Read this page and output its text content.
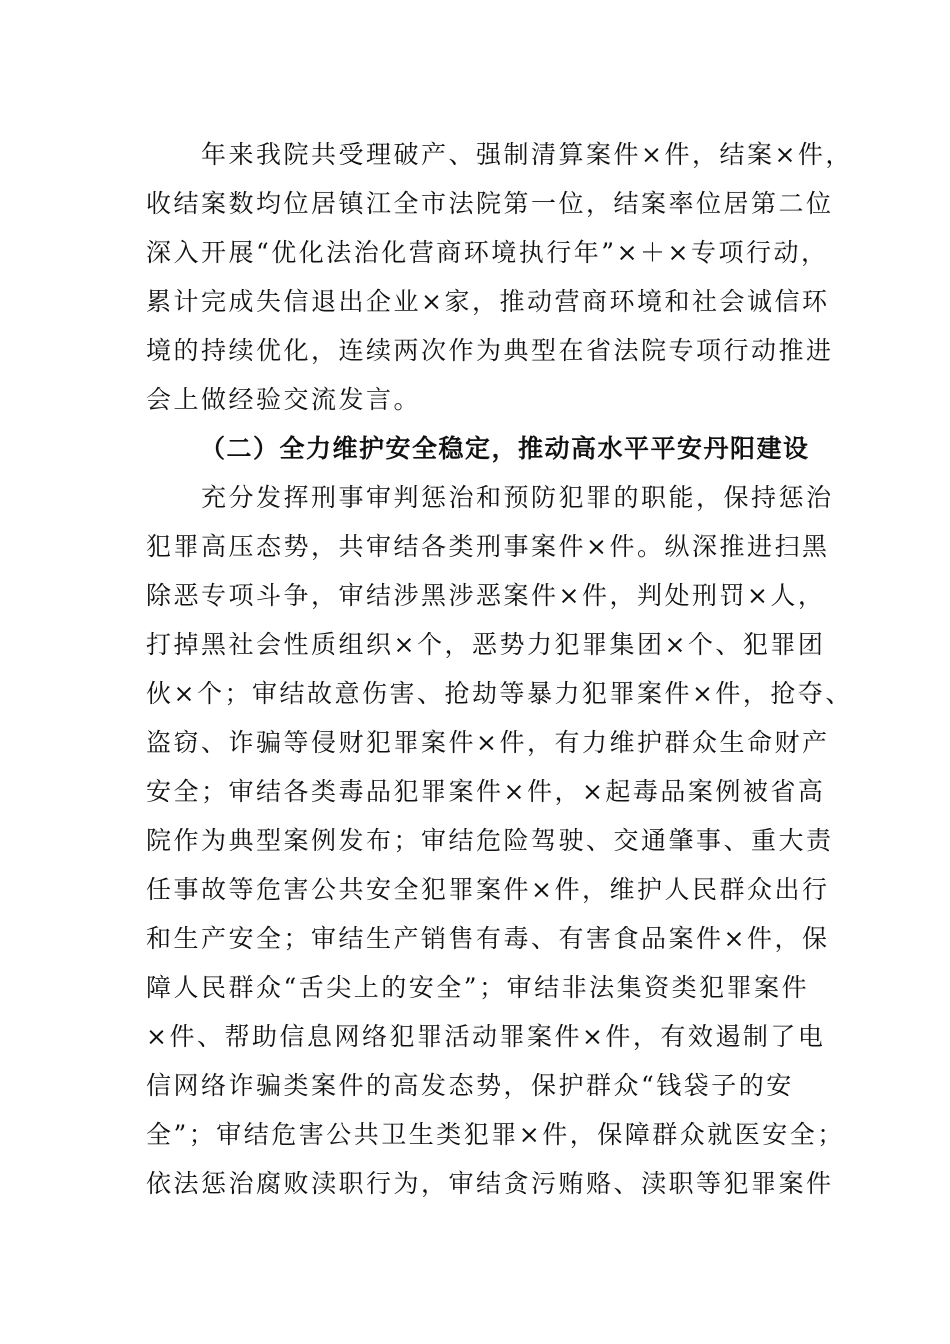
　　年来我院共受理破产、强制清算案件×件，结案×件，
收结案数均位居镇江全市法院第一位，结案率位居第二位
深入开展“优化法治化营商环境执行年”×＋×专项行动，
累计完成失信退出企业×家，推动营商环境和社会诚信环
境的持续优化，连续两次作为典型在省法院专项行动推进
会上做经验交流发言。
（二）全力维护安全稳定，推动高水平平安丹阳建设
　　充分发挥刑事审判惩治和预防犯罪的职能，保持惩治
犯罪高压态势，共审结各类刑事案件×件。纵深推进扫黑
除恶专项斗争，审结涉黑涉恶案件×件，判处刑罚×人，
打掉黑社会性质组织×个，恶势力犯罪集团×个、犯罪团
伙×个；审结故意伤害、抢劫等暴力犯罪案件×件，抢夺、
盗窃、诈骗等侵财犯罪案件×件，有力维护群众生命财产
安全；审结各类毒品犯罪案件×件，×起毒品案例被省高
院作为典型案例发布；审结危险驾驶、交通肇事、重大责
任事故等危害公共安全犯罪案件×件，维护人民群众出行
和生产安全；审结生产销售有毒、有害食品案件×件，保
障人民群众“舌尖上的安全”；审结非法集资类犯罪案件
×件、帮助信息网络犯罪活动罪案件×件，有效遏制了电
信网络诈骗类案件的高发态势，保护群众“钱袋子的安
全”；审结危害公共卫生类犯罪×件，保障群众就医安全；
依法惩治腐败渎职行为，审结贪污贿赂、渎职等犯罪案件
